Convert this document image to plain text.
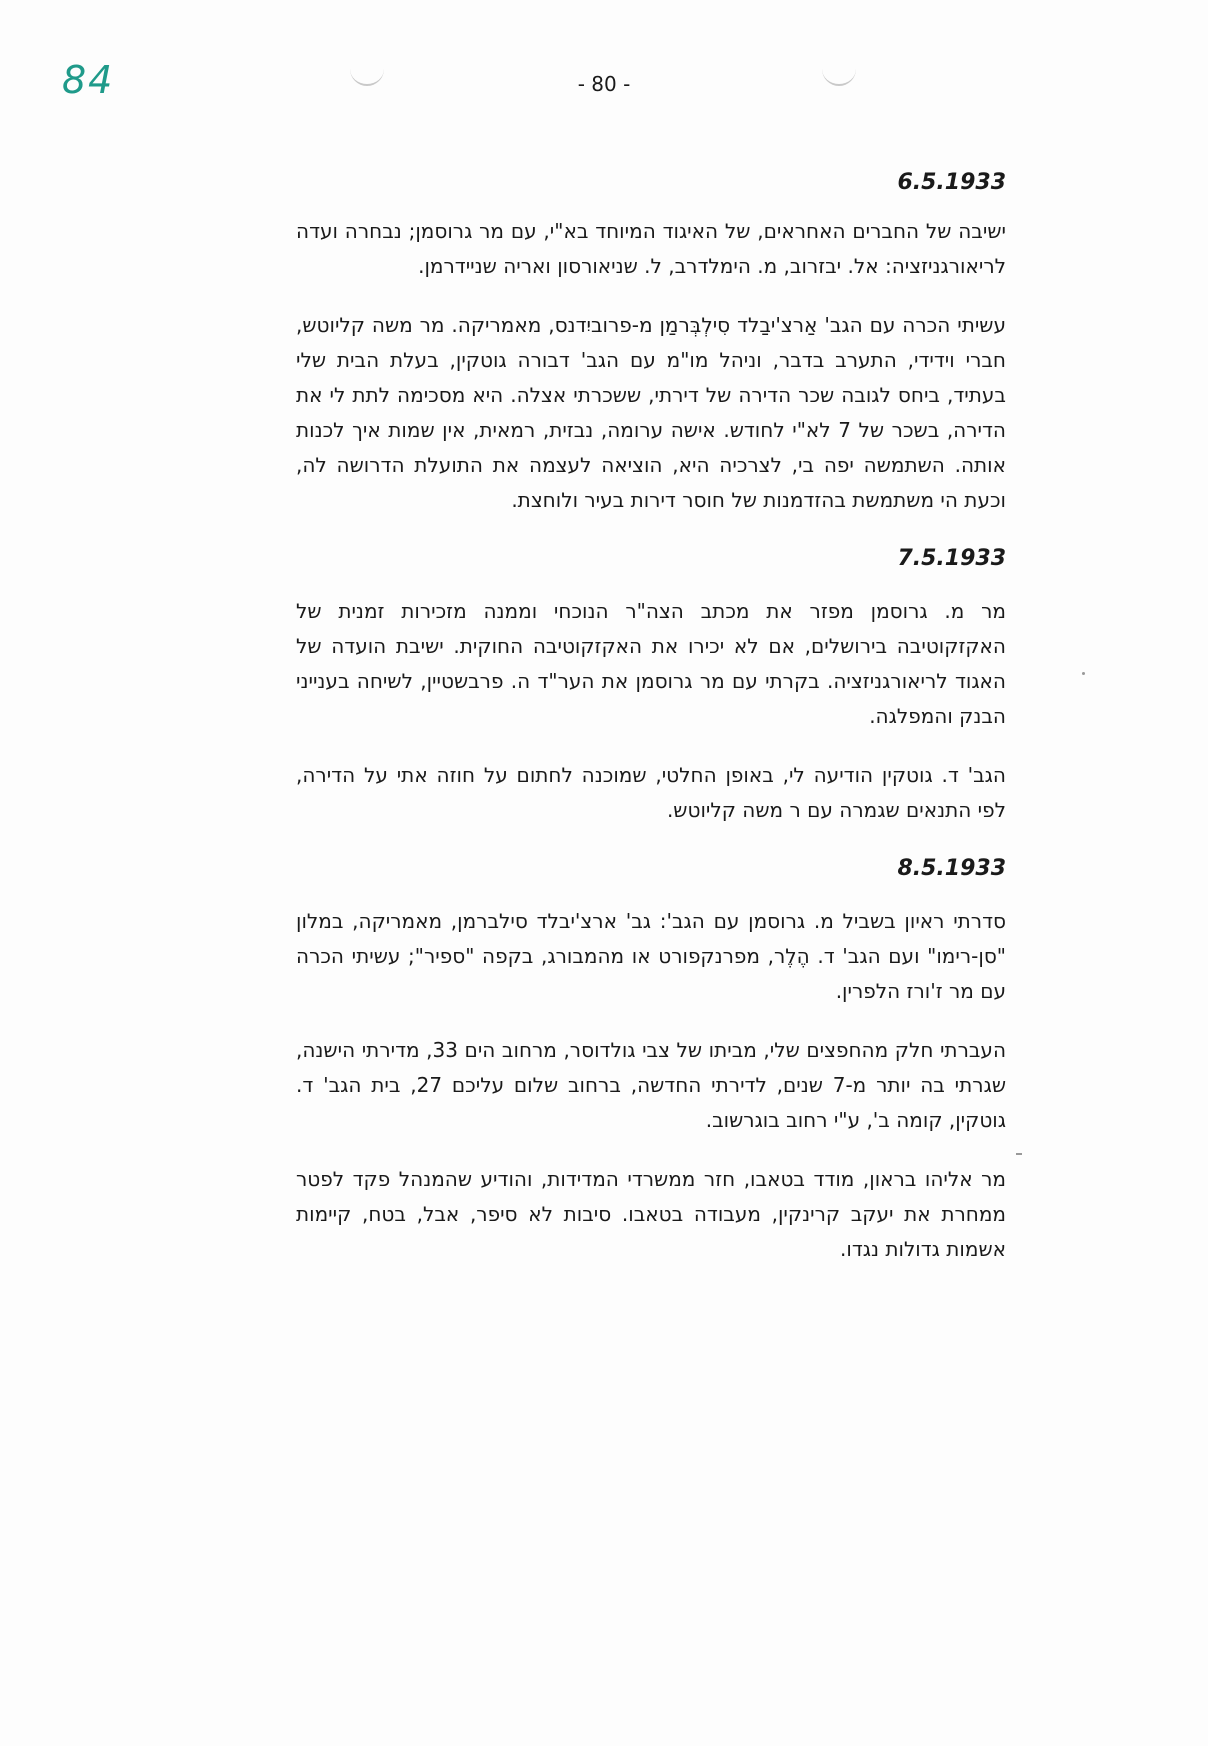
84	- 80 -

6.5.1933

ישיבה של החברים האחראים, של האיגוד המיוחד בא"י, עם מר גרוסמן; נבחרה ועדה לריאורגניזציה: אל. יבזרוב, מ. הימלדרב, ל. שניאורסון ואריה שניידרמן.

עשיתי הכרה עם הגב' אַרצ'יבַלד סִילְבְּרמַן מ-פרוביִדנס, מאמריקה. מר משה קליוטש, חברי וידידי, התערב בדבר, וניהל מו"מ עם הגב' דבורה גוטקין, בעלת הבית שלי בעתיד, ביחס לגובה שכר הדירה של דירתי, ששכרתי אצלה. היא מסכימה לתת לי את הדירה, בשכר של 7 לא"י לחודש. אישה ערומה, נבזית, רמאית, אין שמות איך לכנות אותה. השתמשה יפה בי, לצרכיה היא, הוציאה לעצמה את התועלת הדרושה לה, וכעת הי משתמשת בהזדמנות של חוסר דירות בעיר ולוחצת.

7.5.1933

מר מ. גרוסמן מפזר את מכתב הצה"ר הנוכחי וממנה מזכירות זמנית של האקזקוטיבה בירושלים, אם לא יכירו את האקזקוטיבה החוקית. ישיבת הועדה של האגוד לריאורגניזציה. בקרתי עם מר גרוסמן את הער"ד ה. פרבשטיין, לשיחה בענייני הבנק והמפלגה.

הגב' ד. גוטקין הודיעה לי, באופן החלטי, שמוכנה לחתום על חוזה אתי על הדירה, לפי התנאים שגמרה עם ר משה קליוטש.

8.5.1933

סדרתי ראיון בשביל מ. גרוסמן עם הגב': גב' ארצ'יבלד סילברמן, מאמריקה, במלון "סן-רימו" ועם הגב' ד. הֶלֶר, מפרנקפורט או מהמבורג, בקפה "ספיר"; עשיתי הכרה עם מר ז'ורז הלפרין.

העברתי חלק מהחפצים שלי, מביתו של צבי גולדוסר, מרחוב הים 33, מדירתי הישנה, שגרתי בה יותר מ-7 שנים, לדירתי החדשה, ברחוב שלום עליכם 27, בית הגב' ד. גוטקין, קומה ב', ע"י רחוב בוגרשוב.

מר אליהו בראון, מודד בטאבו, חזר ממשרדי המדידות, והודיע שהמנהל פקד לפטר ממחרת את יעקב קרינקין, מעבודה בטאבו. סיבות לא סיפר, אבל, בטח, קיימות אשמות גדולות נגדו.
